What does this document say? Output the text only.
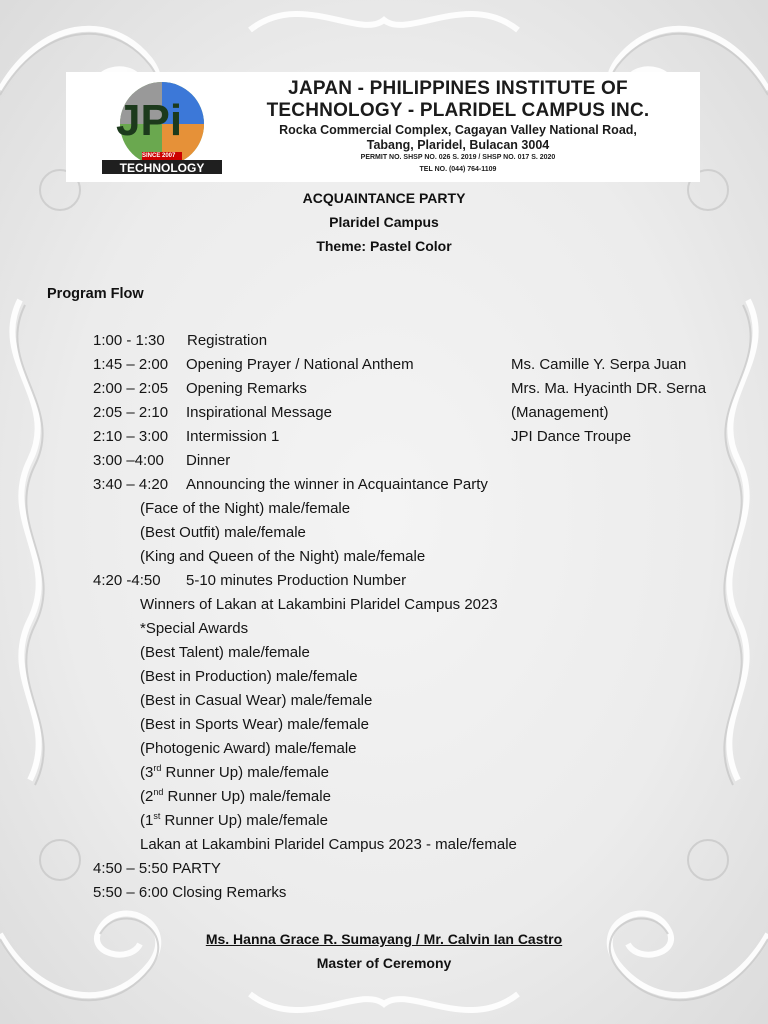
JPi
SINCE 2007
TECHNOLOGY
JAPAN - PHILIPPINES INSTITUTE OF
TECHNOLOGY - PLARIDEL CAMPUS INC.
Rocka Commercial Complex, Cagayan Valley National Road,
Tabang, Plaridel, Bulacan 3004
PERMIT NO. SHSP NO. 026 S. 2019 / SHSP NO. 017 S. 2020
TEL NO. (044) 764-1109
ACQUAINTANCE PARTY
Plaridel Campus
Theme: Pastel Color
Program Flow
1:00 - 1:30 Registration
1:45 – 2:00 Opening Prayer / National Anthem	Ms. Camille Y. Serpa Juan
2:00 – 2:05 Opening Remarks	Mrs. Ma. Hyacinth DR. Serna
2:05 – 2:10 Inspirational Message	(Management)
2:10 – 3:00 Intermission 1	JPI Dance Troupe
3:00 –4:00 Dinner
3:40 – 4:20 Announcing the winner in Acquaintance Party
(Face of the Night) male/female
(Best Outfit) male/female
(King and Queen of the Night) male/female
4:20 -4:50 5-10 minutes Production Number
Winners of Lakan at Lakambini Plaridel Campus 2023
*Special Awards
(Best Talent) male/female
(Best in Production) male/female
(Best in Casual Wear) male/female
(Best in Sports Wear) male/female
(Photogenic Award) male/female
(3rd Runner Up) male/female
(2nd Runner Up) male/female
(1st Runner Up) male/female
Lakan at Lakambini Plaridel Campus 2023 - male/female
4:50 – 5:50 PARTY
5:50 – 6:00 Closing Remarks
Ms. Hanna Grace R. Sumayang / Mr. Calvin Ian Castro
Master of Ceremony
